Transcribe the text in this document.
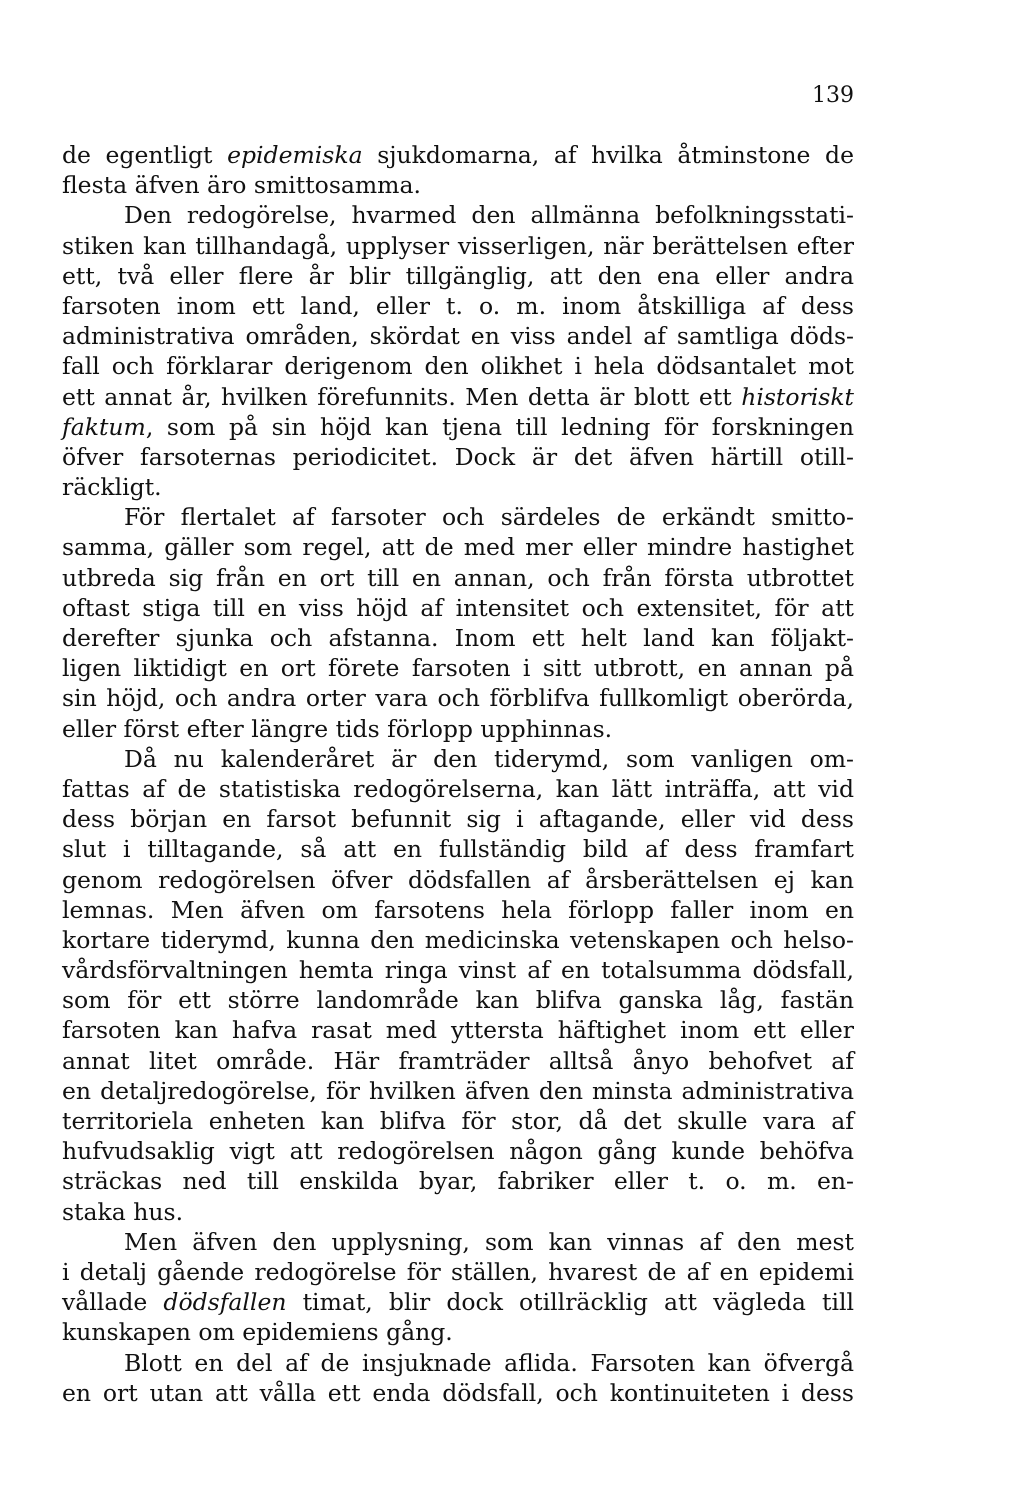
139
de egentligt epidemiska sjukdomarna, af hvilka åtminstone de
flesta äfven äro smittosamma.
Den redogörelse, hvarmed den allmänna befolkningsstati-
stiken kan tillhandagå, upplyser visserligen, när berättelsen efter
ett, två eller flere år blir tillgänglig, att den ena eller andra
farsoten inom ett land, eller t. o. m. inom åtskilliga af dess
administrativa områden, skördat en viss andel af samtliga döds-
fall och förklarar derigenom den olikhet i hela dödsantalet mot
ett annat år, hvilken förefunnits. Men detta är blott ett historiskt
faktum, som på sin höjd kan tjena till ledning för forskningen
öfver farsoternas periodicitet. Dock är det äfven härtill otill-
räckligt.
För flertalet af farsoter och särdeles de erkändt smitto-
samma, gäller som regel, att de med mer eller mindre hastighet
utbreda sig från en ort till en annan, och från första utbrottet
oftast stiga till en viss höjd af intensitet och extensitet, för att
derefter sjunka och afstanna. Inom ett helt land kan följakt-
ligen liktidigt en ort förete farsoten i sitt utbrott, en annan på
sin höjd, och andra orter vara och förblifva fullkomligt oberörda,
eller först efter längre tids förlopp upphinnas.
Då nu kalenderåret är den tiderymd, som vanligen om-
fattas af de statistiska redogörelserna, kan lätt inträffa, att vid
dess början en farsot befunnit sig i aftagande, eller vid dess
slut i tilltagande, så att en fullständig bild af dess framfart
genom redogörelsen öfver dödsfallen af årsberättelsen ej kan
lemnas. Men äfven om farsotens hela förlopp faller inom en
kortare tiderymd, kunna den medicinska vetenskapen och helso-
vårdsförvaltningen hemta ringa vinst af en totalsumma dödsfall,
som för ett större landområde kan blifva ganska låg, fastän
farsoten kan hafva rasat med yttersta häftighet inom ett eller
annat litet område. Här framträder alltså ånyo behofvet af
en detaljredogörelse, för hvilken äfven den minsta administrativa
territoriela enheten kan blifva för stor, då det skulle vara af
hufvudsaklig vigt att redogörelsen någon gång kunde behöfva
sträckas ned till enskilda byar, fabriker eller t. o. m. en-
staka hus.
Men äfven den upplysning, som kan vinnas af den mest
i detalj gående redogörelse för ställen, hvarest de af en epidemi
vållade dödsfallen timat, blir dock otillräcklig att vägleda till
kunskapen om epidemiens gång.
Blott en del af de insjuknade aflida. Farsoten kan öfvergå
en ort utan att vålla ett enda dödsfall, och kontinuiteten i dess
